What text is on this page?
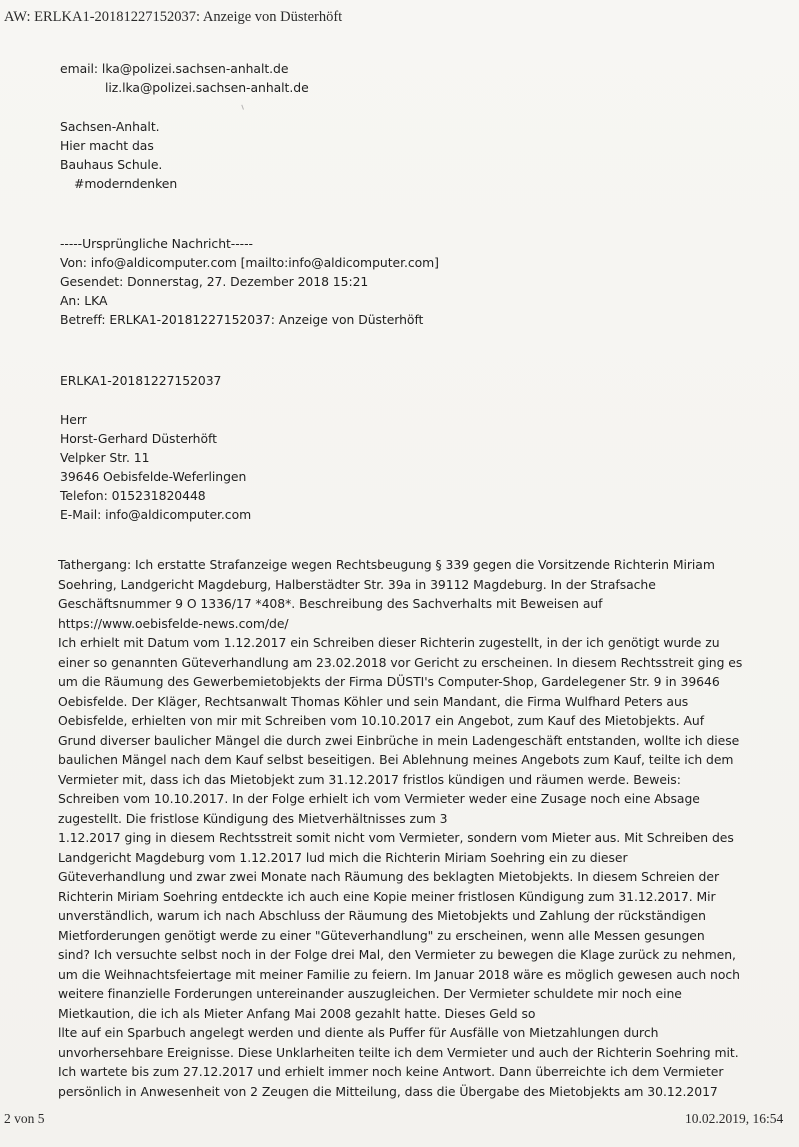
AW: ERLKA1-20181227152037: Anzeige von Düsterhöft
email: lka@polizei.sachsen-anhalt.de
liz.lka@polizei.sachsen-anhalt.de
Sachsen-Anhalt.
Hier macht das
Bauhaus Schule.
#moderndenken
-----Ursprüngliche Nachricht-----
Von: info@aldicomputer.com [mailto:info@aldicomputer.com]
Gesendet: Donnerstag, 27. Dezember 2018 15:21
An: LKA
Betreff: ERLKA1-20181227152037: Anzeige von Düsterhöft
ERLKA1-20181227152037
Herr
Horst-Gerhard Düsterhöft
Velpker Str. 11
39646 Oebisfelde-Weferlingen
Telefon: 015231820448
E-Mail: info@aldicomputer.com
Tathergang: Ich erstatte Strafanzeige wegen Rechtsbeugung § 339 gegen die Vorsitzende Richterin Miriam
Soehring, Landgericht Magdeburg, Halberstädter Str. 39a in 39112 Magdeburg. In der Strafsache
Geschäftsnummer 9 O 1336/17 *408*. Beschreibung des Sachverhalts mit Beweisen auf
https://www.oebisfelde-news.com/de/
Ich erhielt mit Datum vom 1.12.2017 ein Schreiben dieser Richterin zugestellt, in der ich genötigt wurde zu
einer so genannten Güteverhandlung am 23.02.2018 vor Gericht zu erscheinen. In diesem Rechtsstreit ging es
um die Räumung des Gewerbemietobjekts der Firma DÜSTI's Computer-Shop, Gardelegener Str. 9 in 39646
Oebisfelde. Der Kläger, Rechtsanwalt Thomas Köhler und sein Mandant, die Firma Wulfhard Peters aus
Oebisfelde, erhielten von mir mit Schreiben vom 10.10.2017 ein Angebot, zum Kauf des Mietobjekts. Auf
Grund diverser baulicher Mängel die durch zwei Einbrüche in mein Ladengeschäft entstanden, wollte ich diese
baulichen Mängel nach dem Kauf selbst beseitigen. Bei Ablehnung meines Angebots zum Kauf, teilte ich dem
Vermieter mit, dass ich das Mietobjekt zum 31.12.2017 fristlos kündigen und räumen werde. Beweis:
Schreiben vom 10.10.2017. In der Folge erhielt ich vom Vermieter weder eine Zusage noch eine Absage
zugestellt. Die fristlose Kündigung des Mietverhältnisses zum 3
1.12.2017 ging in diesem Rechtsstreit somit nicht vom Vermieter, sondern vom Mieter aus. Mit Schreiben des
Landgericht Magdeburg vom 1.12.2017 lud mich die Richterin Miriam Soehring ein zu dieser
Güteverhandlung und zwar zwei Monate nach Räumung des beklagten Mietobjekts. In diesem Schreien der
Richterin Miriam Soehring entdeckte ich auch eine Kopie meiner fristlosen Kündigung zum 31.12.2017. Mir
unverständlich, warum ich nach Abschluss der Räumung des Mietobjekts und Zahlung der rückständigen
Mietforderungen genötigt werde zu einer "Güteverhandlung" zu erscheinen, wenn alle Messen gesungen
sind? Ich versuchte selbst noch in der Folge drei Mal, den Vermieter zu bewegen die Klage zurück zu nehmen,
um die Weihnachtsfeiertage mit meiner Familie zu feiern. Im Januar 2018 wäre es möglich gewesen auch noch
weitere finanzielle Forderungen untereinander auszugleichen. Der Vermieter schuldete mir noch eine
Mietkaution, die ich als Mieter Anfang Mai 2008 gezahlt hatte. Dieses Geld so
llte auf ein Sparbuch angelegt werden und diente als Puffer für Ausfälle von Mietzahlungen durch
unvorhersehbare Ereignisse. Diese Unklarheiten teilte ich dem Vermieter und auch der Richterin Soehring mit.
Ich wartete bis zum 27.12.2017 und erhielt immer noch keine Antwort. Dann überreichte ich dem Vermieter
persönlich in Anwesenheit von 2 Zeugen die Mitteilung, dass die Übergabe des Mietobjekts am 30.12.2017
2 von 5	10.02.2019, 16:54
